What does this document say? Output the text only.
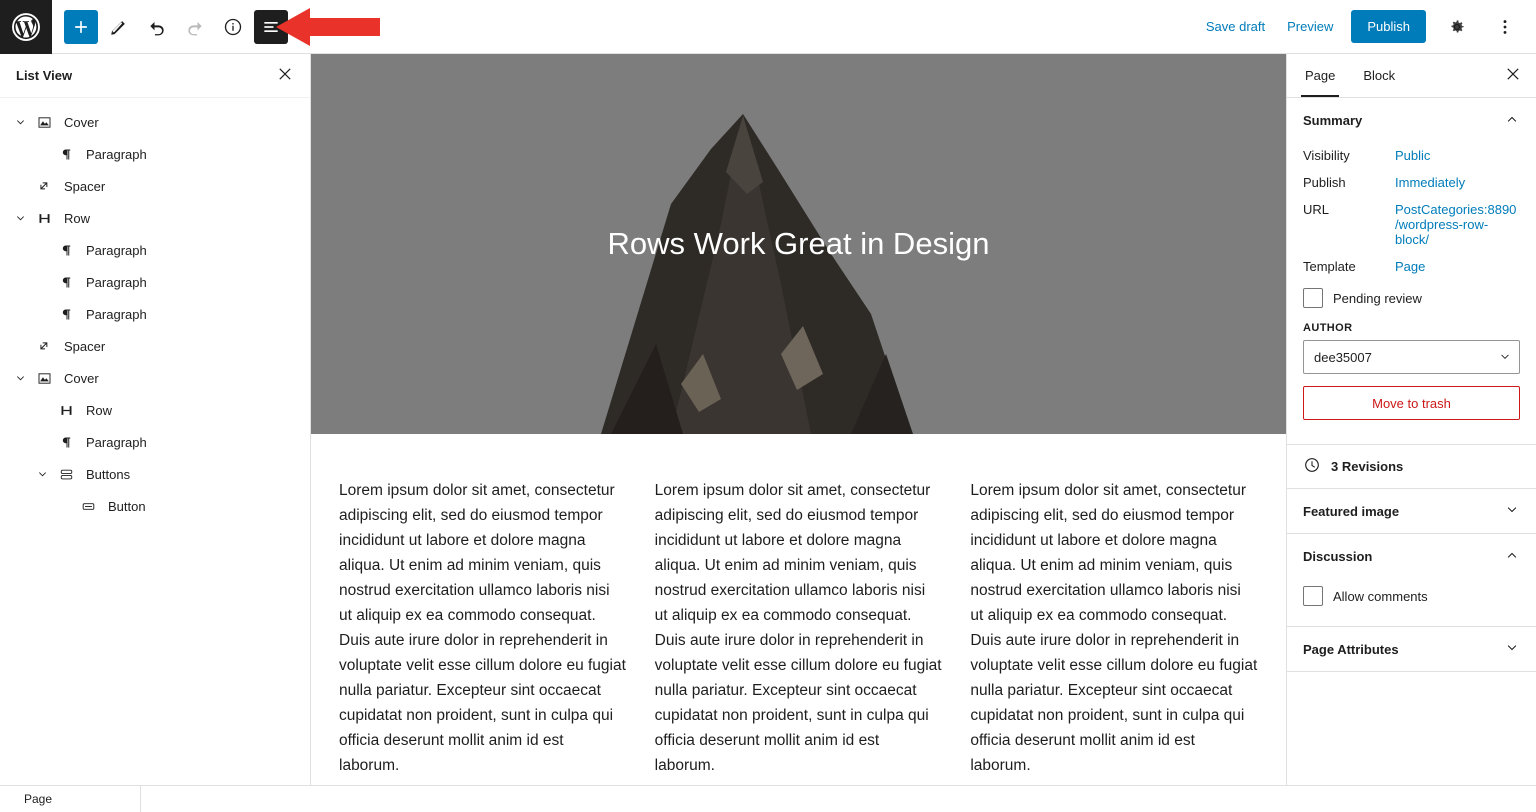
Save draft	Preview	Publish
List View
Cover
Paragraph
Spacer
Row
Paragraph
Paragraph
Paragraph
Spacer
Cover
Row
Paragraph
Buttons
Button
Rows Work Great in Design
Lorem ipsum dolor sit amet, consectetur adipiscing elit, sed do eiusmod tempor incididunt ut labore et dolore magna aliqua. Ut enim ad minim veniam, quis nostrud exercitation ullamco laboris nisi ut aliquip ex ea commodo consequat. Duis aute irure dolor in reprehenderit in voluptate velit esse cillum dolore eu fugiat nulla pariatur. Excepteur sint occaecat cupidatat non proident, sunt in culpa qui officia deserunt mollit anim id est laborum.
Lorem ipsum dolor sit amet, consectetur adipiscing elit, sed do eiusmod tempor incididunt ut labore et dolore magna aliqua. Ut enim ad minim veniam, quis nostrud exercitation ullamco laboris nisi ut aliquip ex ea commodo consequat. Duis aute irure dolor in reprehenderit in voluptate velit esse cillum dolore eu fugiat nulla pariatur. Excepteur sint occaecat cupidatat non proident, sunt in culpa qui officia deserunt mollit anim id est laborum.
Lorem ipsum dolor sit amet, consectetur adipiscing elit, sed do eiusmod tempor incididunt ut labore et dolore magna aliqua. Ut enim ad minim veniam, quis nostrud exercitation ullamco laboris nisi ut aliquip ex ea commodo consequat. Duis aute irure dolor in reprehenderit in voluptate velit esse cillum dolore eu fugiat nulla pariatur. Excepteur sint occaecat cupidatat non proident, sunt in culpa qui officia deserunt mollit anim id est laborum.
Page	Block
Summary
Visibility	Public
Publish	Immediately
URL	PostCategories:8890/wordpress-row-block/
Template	Page
Pending review
AUTHOR
dee35007
Move to trash
3 Revisions
Featured image
Discussion
Allow comments
Page Attributes
Page
